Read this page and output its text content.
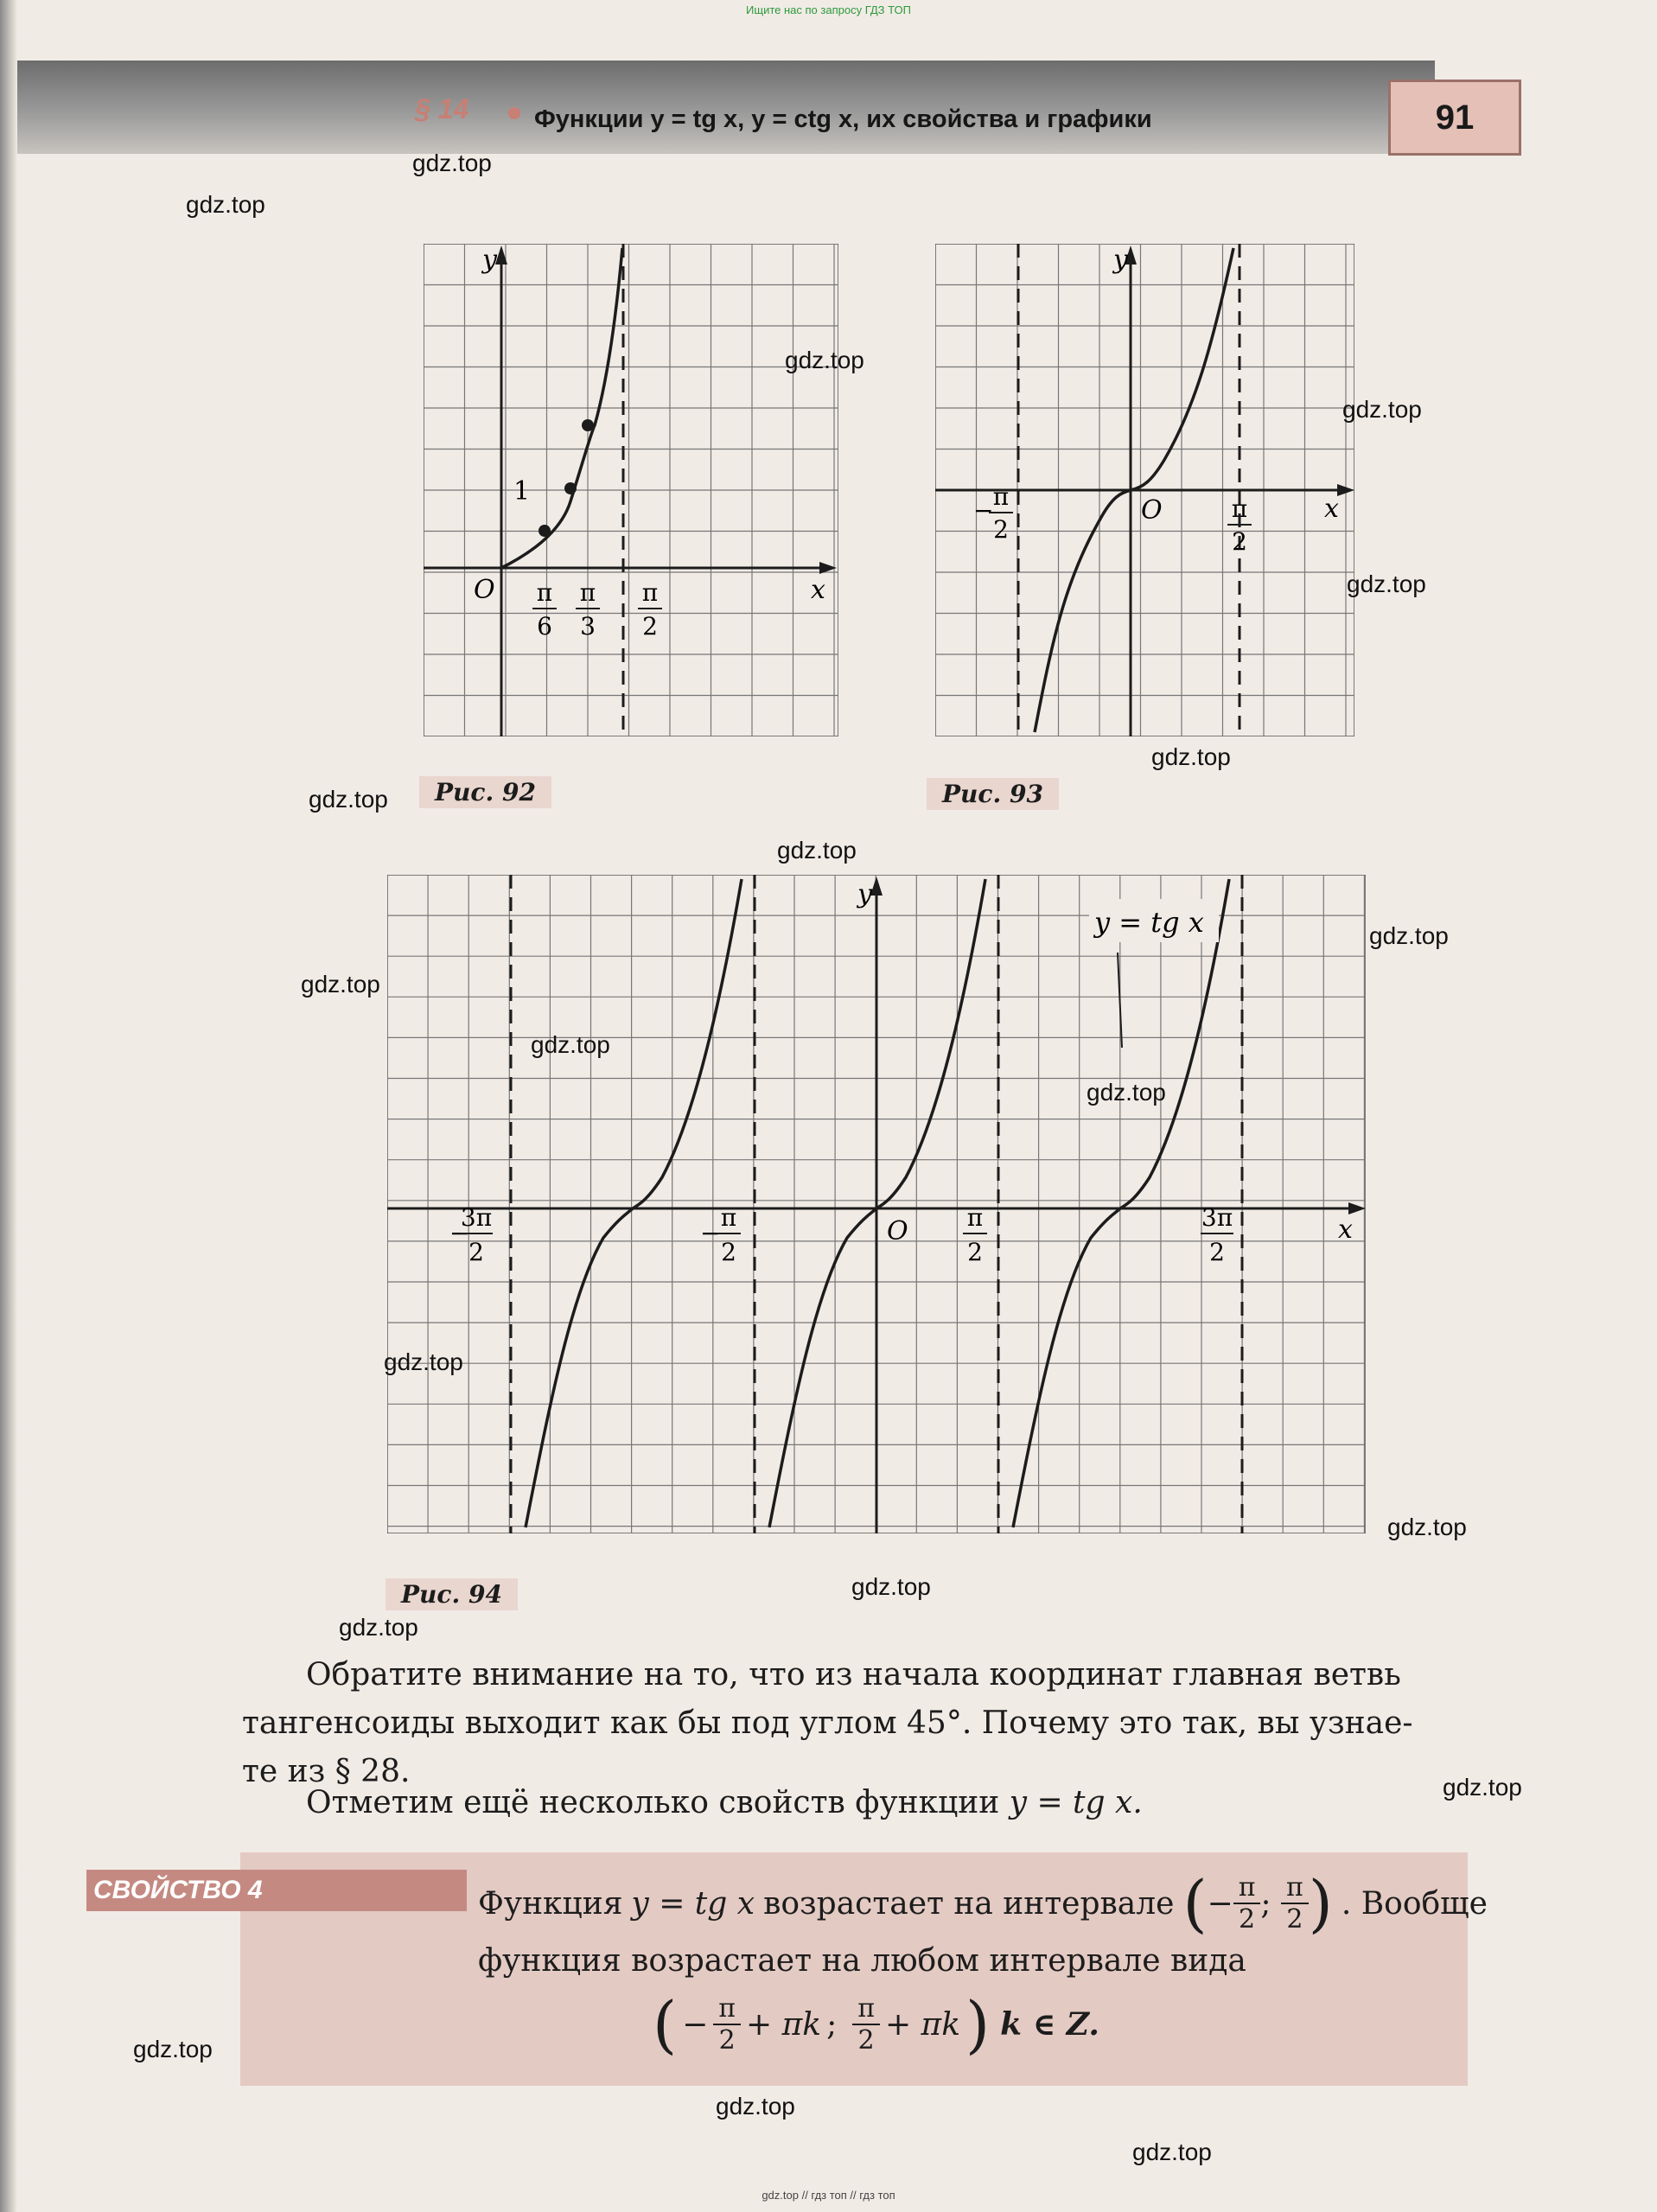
Ищите нас по запросу ГДЗ ТОП
§ 14	Функции y = tg x, y = ctg x, их свойства и графики	91
y
x
O
1
π
6
π
3
π
2
Рис. 92
y
x
O
− π
2
π
2
Рис. 93
y = tg x
y
x
O
−
3π
2
−
π
2
π
2
3π
2
Рис. 94
Обратите внимание на то, что из начала координат главная ветвь
тангенсоиды выходит как бы под углом 45°. Почему это так, вы узнае-
те из § 28.
Отметим ещё несколько свойств функции y = tg x.
СВОЙСТВО 4	Функция y = tg x возрастает на интервале ( − $\frac{\pi}{2}$ ; $\frac{\pi}{2}$ ) . Вообще
функция возрастает на любом интервале вида
( − $\frac{\pi}{2} + \pi k$ ; $\frac{\pi}{2} + \pi k$ ) k ∈ Z.
gdz.top
gdz.top
gdz.top
gdz.top
gdz.top
gdz.top
gdz.top
gdz.top
gdz.top
gdz.top
gdz.top
gdz.top
gdz.top
gdz.top
gdz.top
gdz.top
gdz.top
gdz.top
gdz.top
gdz.top
gdz.top // гдз топ // гдз топ
